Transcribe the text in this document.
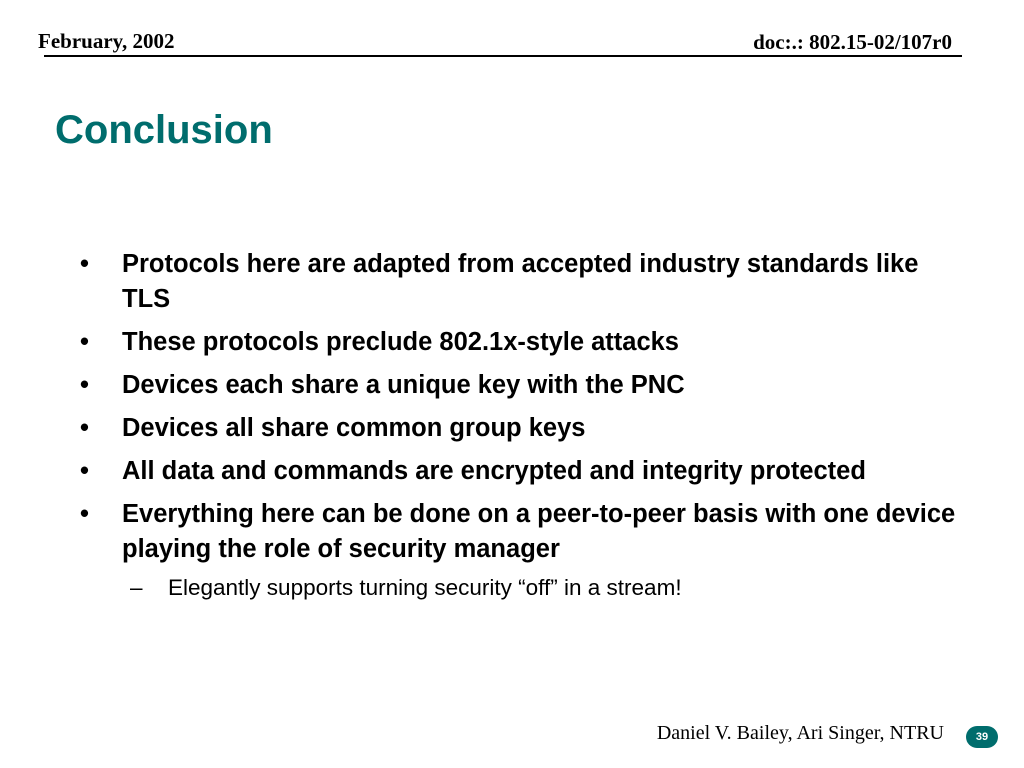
February, 2002	doc:.: 802.15-02/107r0
Conclusion
•	Protocols here are adapted from accepted industry standards like TLS
•	These protocols preclude 802.1x-style attacks
•	Devices each share a unique key with the PNC
•	Devices all share common group keys
•	All data and commands are encrypted and integrity protected
•	Everything here can be done on a peer-to-peer basis with one device playing the role of security manager
– Elegantly supports turning security “off” in a stream!
Daniel V. Bailey, Ari Singer, NTRU	39
